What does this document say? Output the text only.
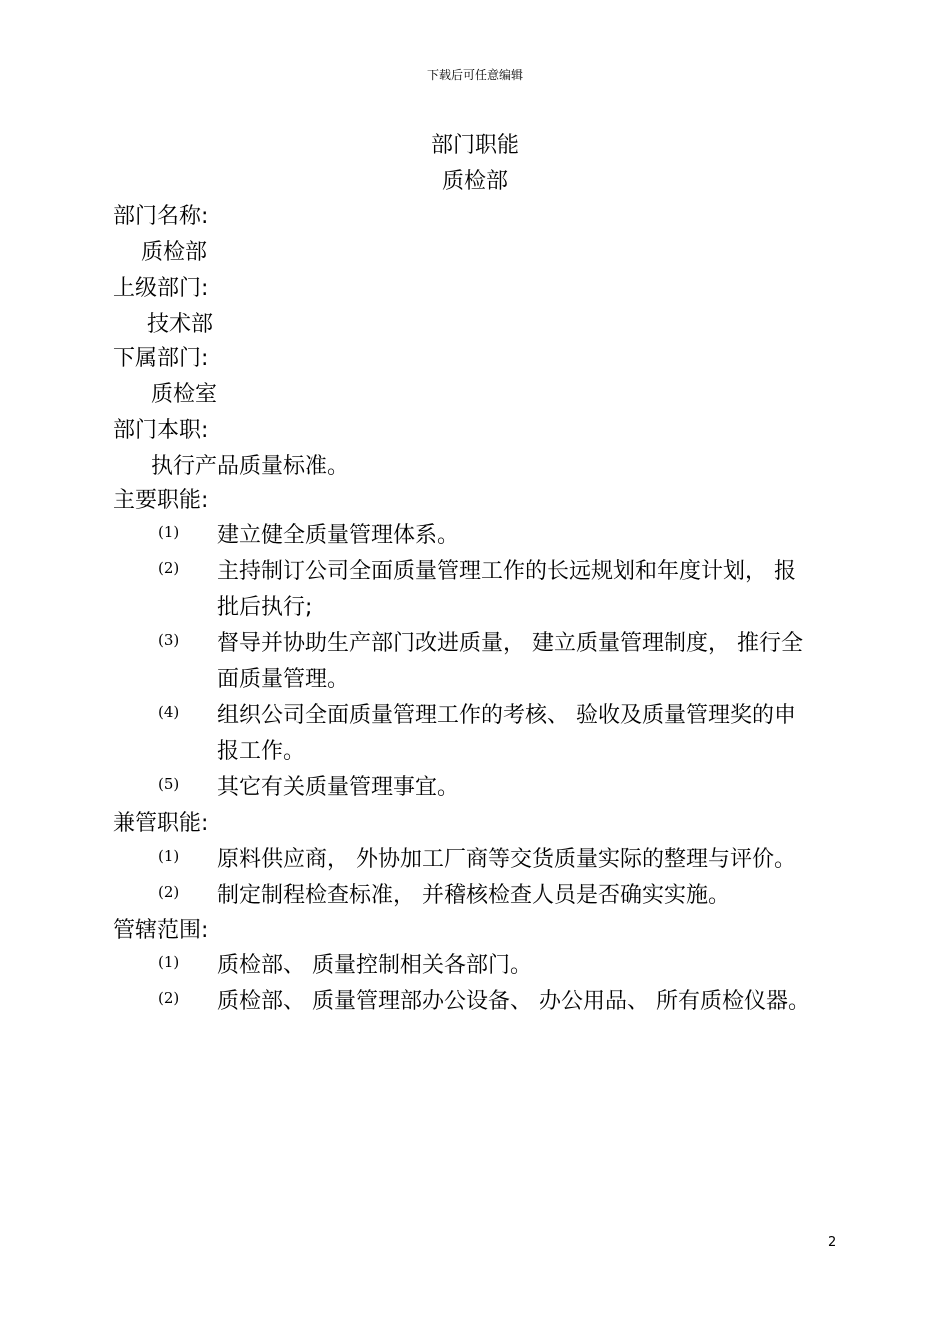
下载后可任意编辑
部门职能
质检部
部门名称:
质检部
上级部门:
技术部
下属部门:
质检室
部门本职:
执行产品质量标准。
主要职能:
(1) 建立健全质量管理体系。
(2) 主持制订公司全面质量管理工作的长远规划和年度计划， 报
批后执行;
(3) 督导并协助生产部门改进质量， 建立质量管理制度， 推行全
面质量管理。
(4) 组织公司全面质量管理工作的考核、 验收及质量管理奖的申
报工作。
(5) 其它有关质量管理事宜。
兼管职能:
(1) 原料供应商， 外协加工厂商等交货质量实际的整理与评价。
(2) 制定制程检查标准， 并稽核检查人员是否确实实施。
管辖范围:
(1) 质检部、 质量控制相关各部门。
(2) 质检部、 质量管理部办公设备、 办公用品、 所有质检仪器。
2
